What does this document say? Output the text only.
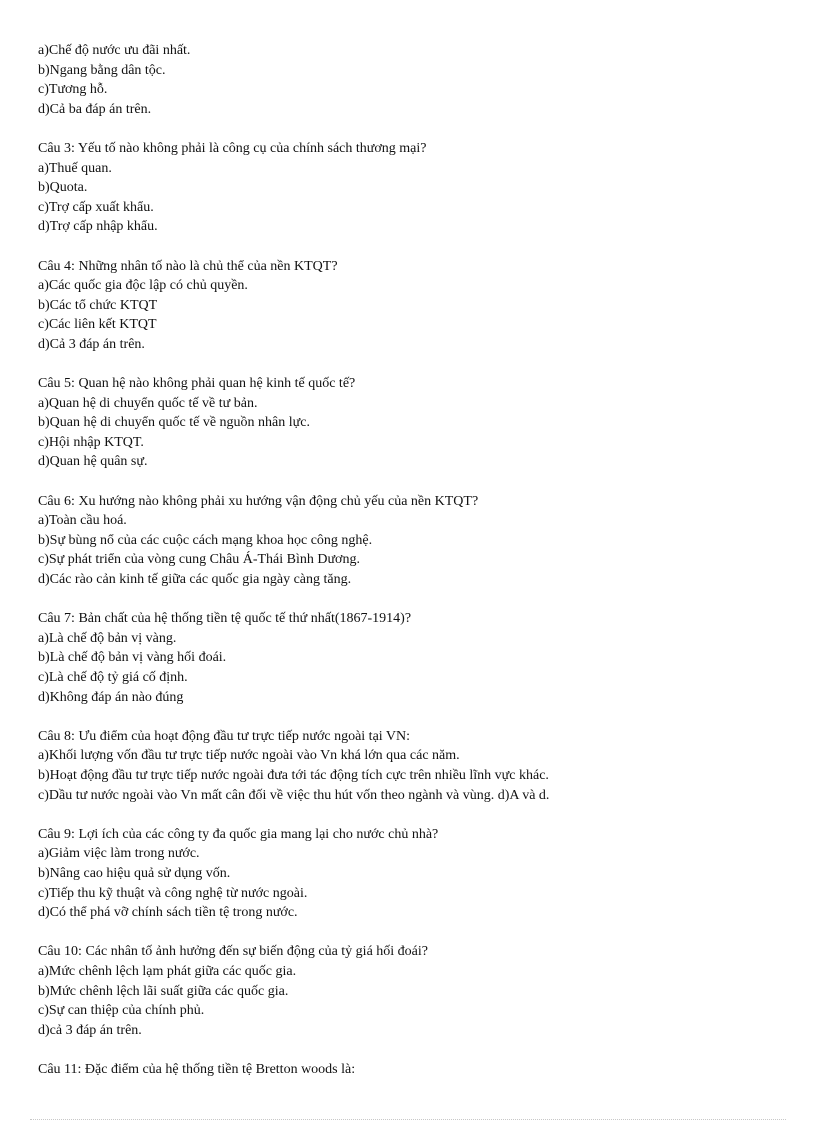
a)Chế độ nước ưu đãi nhất.
b)Ngang bằng dân tộc.
c)Tương hỗ.
d)Cả ba đáp án trên.
Câu 3: Yếu tố nào không phải là công cụ của chính sách thương mại?
a)Thuế quan.
b)Quota.
c)Trợ cấp xuất khẩu.
d)Trợ cấp nhập khẩu.
Câu 4: Những nhân tố nào là chủ thể của nền KTQT?
a)Các quốc gia độc lập có chủ quyền.
b)Các tổ chức KTQT
c)Các liên kết KTQT
d)Cả 3 đáp án trên.
Câu 5: Quan hệ nào không phải quan hệ kinh tế quốc tế?
a)Quan hệ di chuyển quốc tế về tư bản.
b)Quan hệ di chuyển quốc tế về nguồn nhân lực.
c)Hội nhập KTQT.
d)Quan hệ quân sự.
Câu 6: Xu hướng nào không phải xu hướng vận động chủ yếu của nền KTQT?
a)Toàn cầu hoá.
b)Sự bùng nổ của các cuộc cách mạng khoa học công nghệ.
c)Sự phát triển của vòng cung Châu Á-Thái Bình Dương.
d)Các rào cản kinh tế giữa các quốc gia ngày càng tăng.
Câu 7: Bản chất của hệ thống tiền tệ quốc tế thứ nhất(1867-1914)?
a)Là chế độ bản vị vàng.
b)Là chế độ bản vị vàng hối đoái.
c)Là chế độ tỷ giá cố định.
d)Không đáp án nào đúng
Câu 8: Ưu điểm của hoạt động đầu tư trực tiếp nước ngoài tại VN:
a)Khối lượng vốn đầu tư trực tiếp nước ngoài vào Vn khá lớn qua các năm.
b)Hoạt động đầu tư trực tiếp nước ngoài đưa tới tác động tích cực trên nhiều lĩnh vực khác.
c)Dầu tư nước ngoài vào Vn mất cân đối về việc thu hút vốn theo ngành và vùng. d)A và d.
Câu 9: Lợi ích của các công ty đa quốc gia mang lại cho nước chủ nhà?
a)Giảm việc làm trong nước.
b)Nâng cao hiệu quả sử dụng vốn.
c)Tiếp thu kỹ thuật và công nghệ từ nước ngoài.
d)Có thể phá vỡ chính sách tiền tệ trong nước.
Câu 10: Các nhân tố ảnh hưởng đến sự biến động của tỷ giá hối đoái?
a)Mức chênh lệch lạm phát giữa các quốc gia.
b)Mức chênh lệch lãi suất giữa các quốc gia.
c)Sự can thiệp của chính phủ.
d)cả 3 đáp án trên.
Câu 11: Đặc điểm của hệ thống tiền tệ Bretton woods là:
